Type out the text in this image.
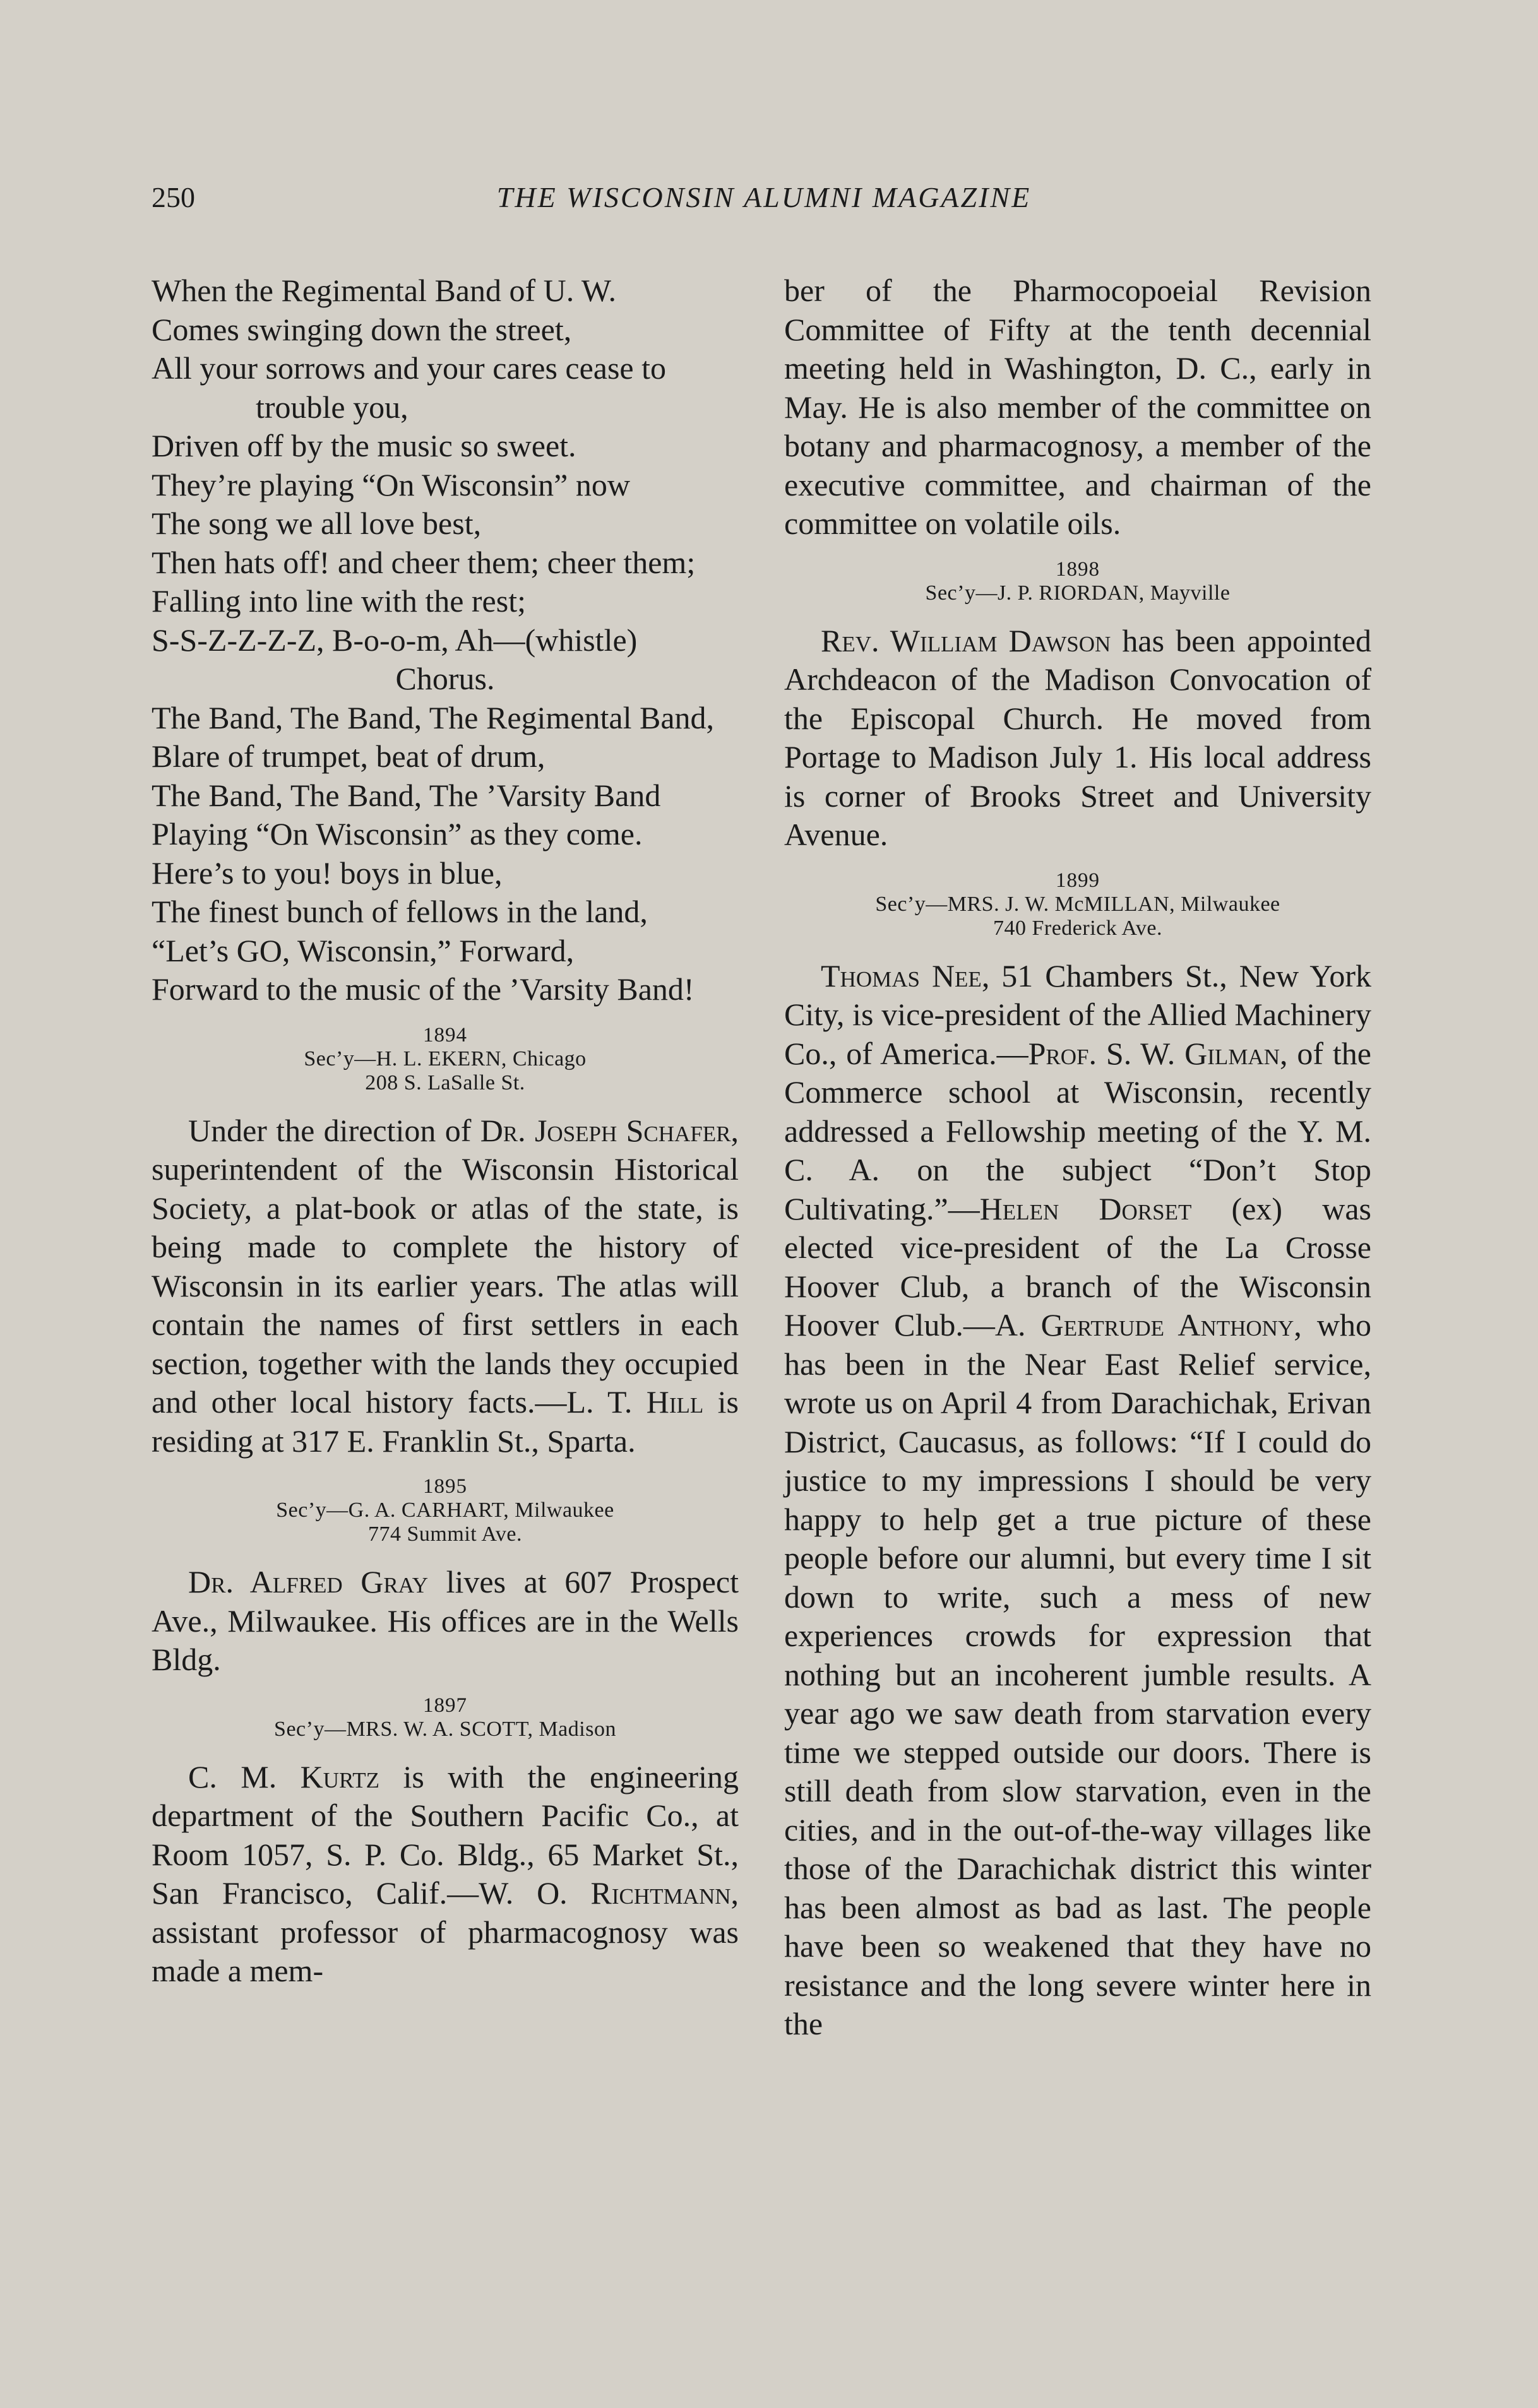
250	THE WISCONSIN ALUMNI MAGAZINE
When the Regimental Band of U. W.
Comes swinging down the street,
All your sorrows and your cares cease to trouble you,
Driven off by the music so sweet.
They’re playing “On Wisconsin” now
The song we all love best,
Then hats off! and cheer them; cheer them;
Falling into line with the rest;
S-S-Z-Z-Z-Z, B-o-o-m, Ah—(whistle)
Chorus.
The Band, The Band, The Regimental Band,
Blare of trumpet, beat of drum,
The Band, The Band, The ’Varsity Band
Playing “On Wisconsin” as they come.
Here’s to you! boys in blue,
The finest bunch of fellows in the land,
“Let’s GO, Wisconsin,” Forward,
Forward to the music of the ’Varsity Band!
1894
Sec’y—H. L. EKERN, Chicago
208 S. LaSalle St.

Under the direction of Dr. Joseph Schafer, superintendent of the Wisconsin Historical Society, a plat-book or atlas of the state, is being made to complete the history of Wisconsin in its earlier years. The atlas will contain the names of first settlers in each section, together with the lands they occupied and other local history facts.—L. T. Hill is residing at 317 E. Franklin St., Sparta.

1895
Sec’y—G. A. CARHART, Milwaukee
774 Summit Ave.

Dr. Alfred Gray lives at 607 Prospect Ave., Milwaukee. His offices are in the Wells Bldg.

1897
Sec’y—MRS. W. A. SCOTT, Madison

C. M. Kurtz is with the engineering department of the Southern Pacific Co., at Room 1057, S. P. Co. Bldg., 65 Market St., San Francisco, Calif.—W. O. Richtmann, assistant professor of pharmacognosy was made a mem-

ber of the Pharmocopoeial Revision Committee of Fifty at the tenth decennial meeting held in Washington, D. C., early in May. He is also member of the committee on botany and pharmacognosy, a member of the executive committee, and chairman of the committee on volatile oils.

1898
Sec’y—J. P. RIORDAN, Mayville

Rev. William Dawson has been appointed Archdeacon of the Madison Convocation of the Episcopal Church. He moved from Portage to Madison July 1. His local address is corner of Brooks Street and University Avenue.

1899
Sec’y—MRS. J. W. McMILLAN, Milwaukee
740 Frederick Ave.

Thomas Nee, 51 Chambers St., New York City, is vice-president of the Allied Machinery Co., of America.—Prof. S. W. Gilman, of the Commerce school at Wisconsin, recently addressed a Fellowship meeting of the Y. M. C. A. on the subject “Don’t Stop Cultivating.”—Helen Dorset (ex) was elected vice-president of the La Crosse Hoover Club, a branch of the Wisconsin Hoover Club.—A. Gertrude Anthony, who has been in the Near East Relief service, wrote us on April 4 from Darachichak, Erivan District, Caucasus, as follows: “If I could do justice to my impressions I should be very happy to help get a true picture of these people before our alumni, but every time I sit down to write, such a mess of new experiences crowds for expression that nothing but an incoherent jumble results. A year ago we saw death from starvation every time we stepped outside our doors. There is still death from slow starvation, even in the cities, and in the out-of-the-way villages like those of the Darachichak district this winter has been almost as bad as last. The people have been so weakened that they have no resistance and the long severe winter here in the
